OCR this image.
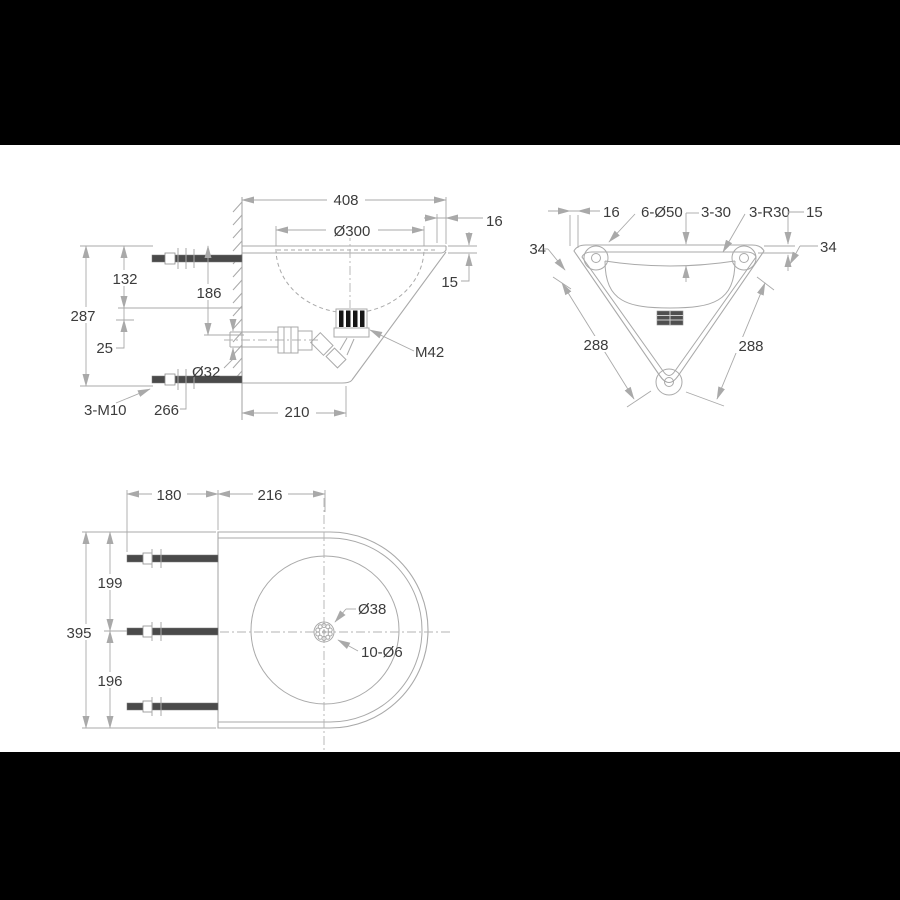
408
Ø300
16
15
287
132
25
186
Ø32
210
3-M10 266
M42
16 6-Ø50 3-30 3-R30 15
34	34
288	288
180	216
395
199
196
Ø38
10-Ø6
